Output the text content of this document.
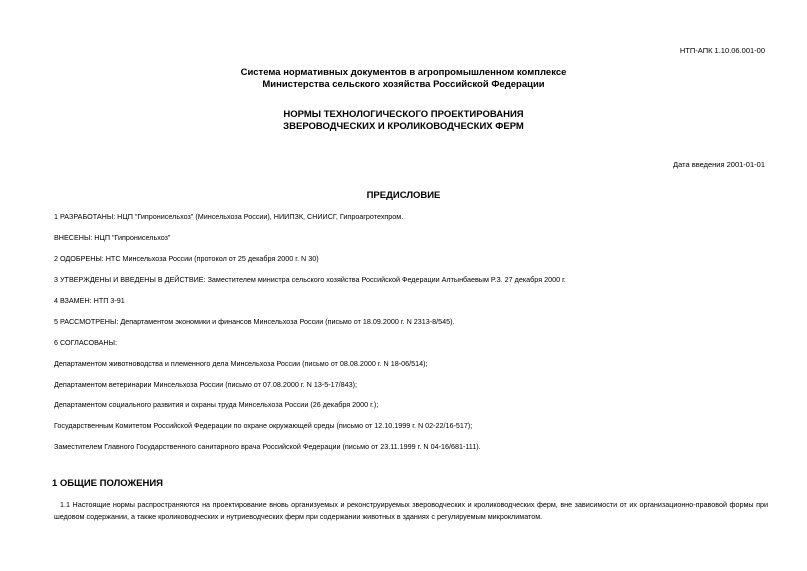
НТП-АПК 1.10.06.001-00
Система нормативных документов в агропромышленном комплексе
Министерства сельского хозяйства Российской Федерации
НОРМЫ ТЕХНОЛОГИЧЕСКОГО ПРОЕКТИРОВАНИЯ
ЗВЕРОВОДЧЕСКИХ И КРОЛИКОВОДЧЕСКИХ ФЕРМ
Дата введения 2001-01-01
ПРЕДИСЛОВИЕ
1 РАЗРАБОТАНЫ: НЦП "Гипронисельхоз" (Минсельхоза России), НИИПЗК, СНИИСГ, Гипроагротехпром.
ВНЕСЕНЫ: НЦП "Гипронисельхоз"
2 ОДОБРЕНЫ: НТС Минсельхоза России (протокол от 25 декабря 2000 г. N 30)
3 УТВЕРЖДЕНЫ И ВВЕДЕНЫ В ДЕЙСТВИЕ: Заместителем министра сельского хозяйства Российской Федерации Алтынбаевым Р.З. 27 декабря 2000 г.
4 ВЗАМЕН: НТП 3-91
5 РАССМОТРЕНЫ: Департаментом экономики и финансов Минсельхоза России (письмо от 18.09.2000 г. N 2313-8/545).
6 СОГЛАСОВАНЫ:
Департаментом животноводства и племенного дела Минсельхоза России (письмо от 08.08.2000 г. N 18-06/514);
Департаментом ветеринарии Минсельхоза России (письмо от 07.08.2000 г. N 13-5-17/843);
Департаментом социального развития и охраны труда Минсельхоза России (26 декабря 2000 г.);
Государственным Комитетом Российской Федерации по охране окружающей среды (письмо от 12.10.1999 г. N 02-22/16-517);
Заместителем Главного Государственного санитарного врача Российской Федерации (письмо от 23.11.1999 г. N 04-16/681-111).
1 ОБЩИЕ ПОЛОЖЕНИЯ
1.1 Настоящие нормы распространяются на проектирование вновь организуемых и реконструируемых звероводческих и кролиководческих ферм, вне зависимости от их организационно-правовой формы при шедовом содержании, а также кролиководческих и нутриеводческих ферм при содержании животных в зданиях с регулируемым микроклиматом.
